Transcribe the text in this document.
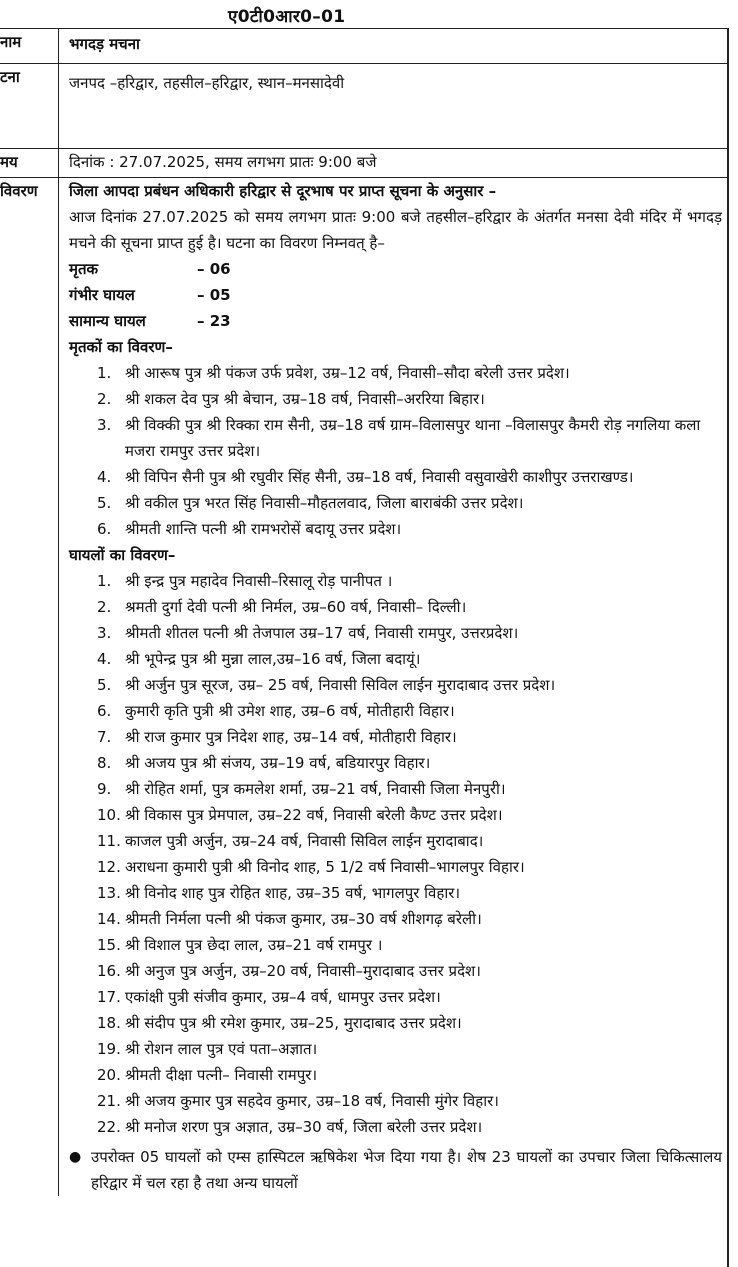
ए0टी0आर0–01
नाम	भगदड़ मचना
टना	जनपद –हरिद्वार, तहसील–हरिद्वार, स्थान–मनसादेवी
मय	दिनांक : 27.07.2025, समय लगभग प्रातः 9:00 बजे
विवरण	जिला आपदा प्रबंधन अधिकारी हरिद्वार से दूरभाष पर प्राप्त सूचना के अनुसार –
आज दिनांक 27.07.2025 को समय लगभग प्रातः 9:00 बजे तहसील–हरिद्वार के अंतर्गत मनसा देवी मंदिर में भगदड़ मचने की सूचना प्राप्त हुई है। घटना का विवरण निम्नवत् है–
मृतक	– 06
गंभीर घायल	– 05
सामान्य घायल	– 23
मृतकों का विवरण–
1. श्री आरूष पुत्र श्री पंकज उर्फ प्रवेश, उम्र–12 वर्ष, निवासी–सौदा बरेली उत्तर प्रदेश।
2. श्री शकल देव पुत्र श्री बेचान, उम्र–18 वर्ष, निवासी–अररिया बिहार।
3. श्री विक्की पुत्र श्री रिक्का राम सैनी, उम्र–18 वर्ष ग्राम–विलासपुर थाना –विलासपुर कैमरी रोड़ नगलिया कला मजरा रामपुर उत्तर प्रदेश।
4. श्री विपिन सैनी पुत्र श्री रघुवीर सिंह सैनी, उम्र–18 वर्ष, निवासी वसुवाखेरी काशीपुर उत्तराखण्ड।
5. श्री वकील पुत्र भरत सिंह निवासी–मौहतलवाद, जिला बाराबंकी उत्तर प्रदेश।
6. श्रीमती शान्ति पत्नी श्री रामभरोसें बदायू उत्तर प्रदेश।
घायलों का विवरण–
1. श्री इन्द्र पुत्र महादेव निवासी–रिसालू रोड़ पानीपत ।
2. श्रमती दुर्गा देवी पत्नी श्री निर्मल, उम्र–60 वर्ष, निवासी– दिल्ली।
3. श्रीमती शीतल पत्नी श्री तेजपाल उम्र–17 वर्ष, निवासी रामपुर, उत्तरप्रदेश।
4. श्री भूपेन्द्र पुत्र श्री मुन्ना लाल,उम्र–16 वर्ष, जिला बदायूं।
5. श्री अर्जुन पुत्र सूरज, उम्र– 25 वर्ष, निवासी सिविल लाईन मुरादाबाद उत्तर प्रदेश।
6. कुमारी कृति पुत्री श्री उमेश शाह, उम्र–6 वर्ष, मोतीहारी विहार।
7. श्री राज कुमार पुत्र निदेश शाह, उम्र–14 वर्ष, मोतीहारी विहार।
8. श्री अजय पुत्र श्री संजय, उम्र–19 वर्ष, बडियारपुर विहार।
9. श्री रोहित शर्मा, पुत्र कमलेश शर्मा, उम्र–21 वर्ष, निवासी जिला मेनपुरी।
10. श्री विकास पुत्र प्रेमपाल, उम्र–22 वर्ष, निवासी बरेली कैण्ट उत्तर प्रदेश।
11. काजल पुत्री अर्जुन, उम्र–24 वर्ष, निवासी सिविल लाईन मुरादाबाद।
12. अराधना कुमारी पुत्री श्री विनोद शाह, 5 1/2 वर्ष निवासी–भागलपुर विहार।
13. श्री विनोद शाह पुत्र रोहित शाह, उम्र–35 वर्ष, भागलपुर विहार।
14. श्रीमती निर्मला पत्नी श्री पंकज कुमार, उम्र–30 वर्ष शीशगढ़ बरेली।
15. श्री विशाल पुत्र छेदा लाल, उम्र–21 वर्ष रामपुर ।
16. श्री अनुज पुत्र अर्जुन, उम्र–20 वर्ष, निवासी–मुरादाबाद उत्तर प्रदेश।
17. एकांक्षी पुत्री संजीव कुमार, उम्र–4 वर्ष, धामपुर उत्तर प्रदेश।
18. श्री संदीप पुत्र श्री रमेश कुमार, उम्र–25, मुरादाबाद उत्तर प्रदेश।
19. श्री रोशन लाल पुत्र एवं पता–अज्ञात।
20. श्रीमती दीक्षा पत्नी– निवासी रामपुर।
21. श्री अजय कुमार पुत्र सहदेव कुमार, उम्र–18 वर्ष, निवासी मुंगेर विहार।
22. श्री मनोज शरण पुत्र अज्ञात, उम्र–30 वर्ष, जिला बरेली उत्तर प्रदेश।
● उपरोक्त 05 घायलों को एम्स हास्पिटल ऋषिकेश भेज दिया गया है। शेष 23 घायलों का उपचार जिला चिकित्सालय हरिद्वार में चल रहा है तथा अन्य घायलों
